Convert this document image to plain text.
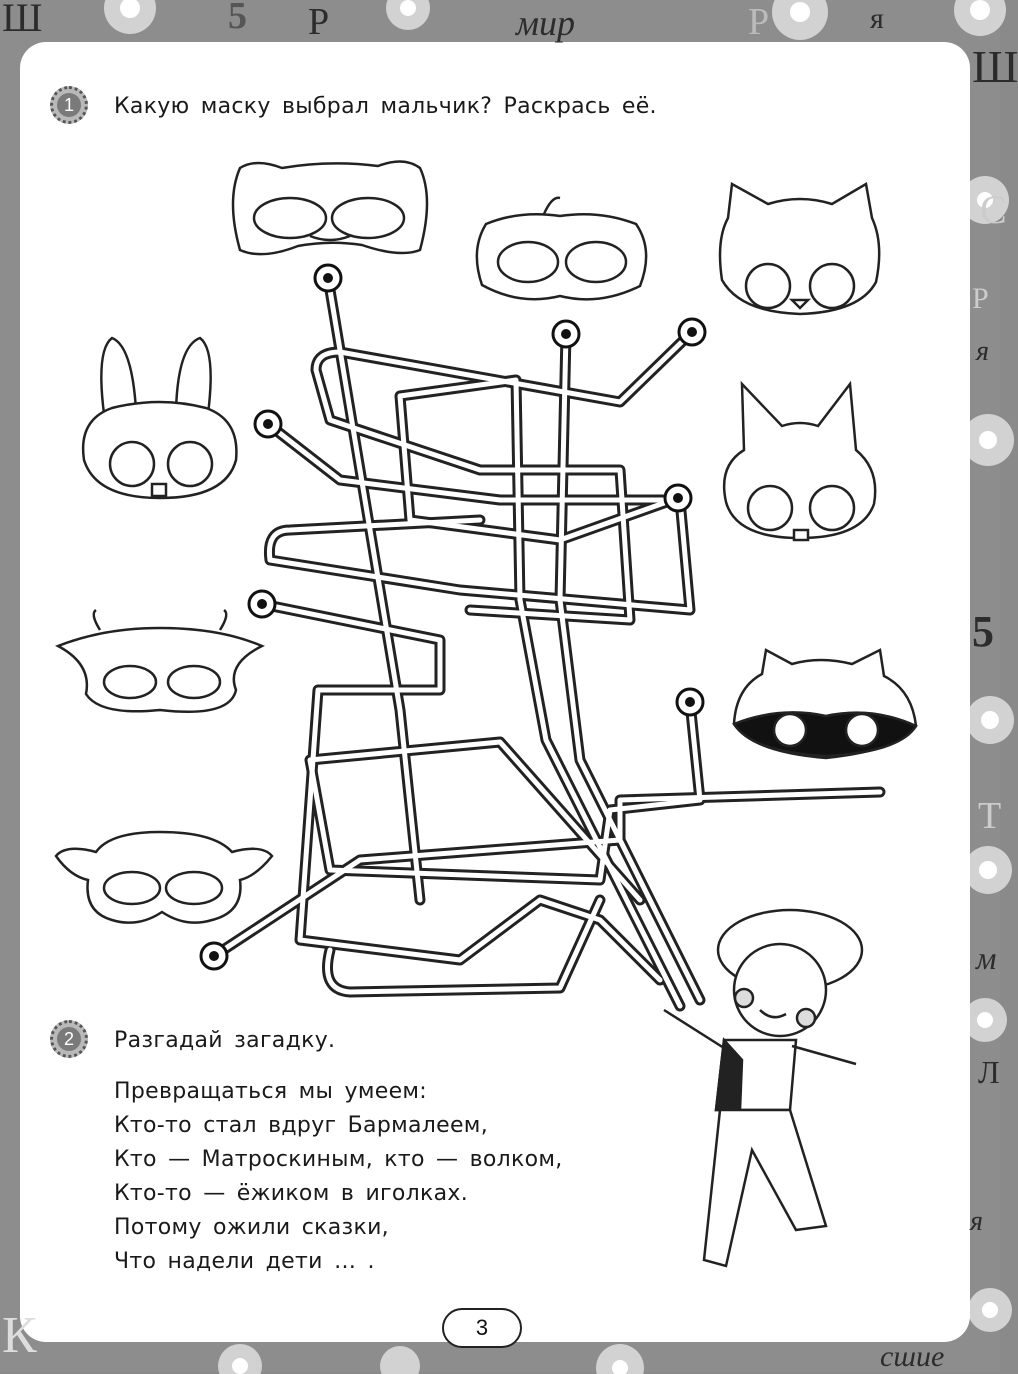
Ш	5 Р	мир	Р	я
Ш
С
Р
я
5
Т
м
Л
я
К	сшие
1	Какую маску выбрал мальчик? Раскрась её.
2	Разгадай загадку.
Превращаться мы умеем:
Кто-то стал вдруг Бармалеем,
Кто — Матроскиным, кто — волком,
Кто-то — ёжиком в иголках.
Потому ожили сказки,
Что надели дети … .
3
